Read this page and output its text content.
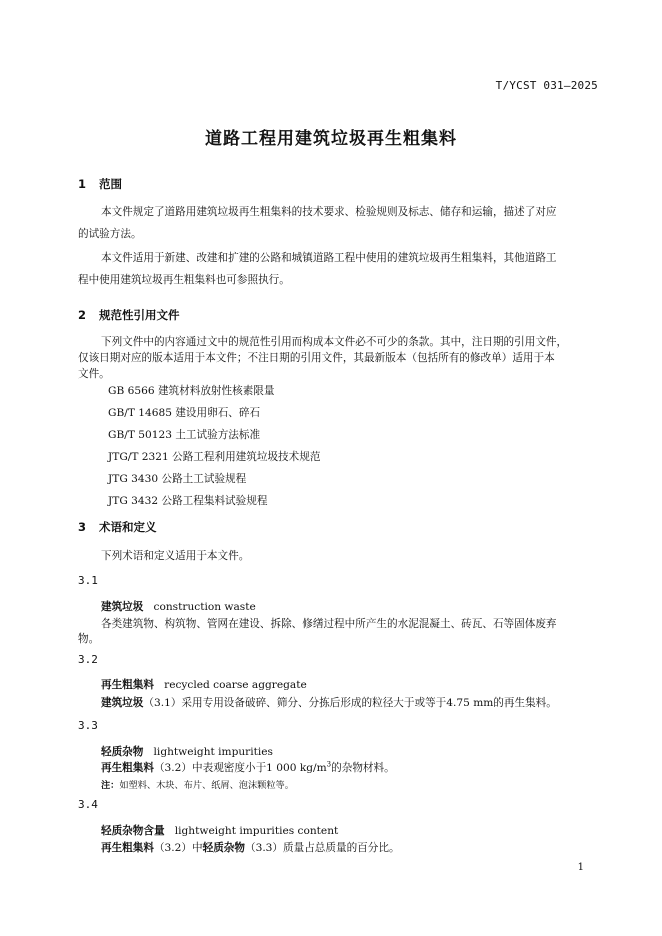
T/YCST 031—2025
道路工程用建筑垃圾再生粗集料
1 范围
本文件规定了道路用建筑垃圾再生粗集料的技术要求、检验规则及标志、储存和运输，描述了对应
的试验方法。
本文件适用于新建、改建和扩建的公路和城镇道路工程中使用的建筑垃圾再生粗集料，其他道路工
程中使用建筑垃圾再生粗集料也可参照执行。
2 规范性引用文件
下列文件中的内容通过文中的规范性引用而构成本文件必不可少的条款。其中，注日期的引用文件，
仅该日期对应的版本适用于本文件；不注日期的引用文件，其最新版本（包括所有的修改单）适用于本
文件。
GB 6566 建筑材料放射性核素限量
GB/T 14685 建设用卵石、碎石
GB/T 50123 土工试验方法标准
JTG/T 2321 公路工程利用建筑垃圾技术规范
JTG 3430 公路土工试验规程
JTG 3432 公路工程集料试验规程
3 术语和定义
下列术语和定义适用于本文件。
3.1
建筑垃圾 construction waste
各类建筑物、构筑物、管网在建设、拆除、修缮过程中所产生的水泥混凝土、砖瓦、石等固体废弃
物。
3.2
再生粗集料 recycled coarse aggregate
建筑垃圾（3.1）采用专用设备破碎、筛分、分拣后形成的粒径大于或等于4.75 mm的再生集料。
3.3
轻质杂物 lightweight impurities
再生粗集料（3.2）中表观密度小于1 000 $kg/m^3$的杂物材料。
注：如塑料、木块、布片、纸屑、泡沫颗粒等。
3.4
轻质杂物含量 lightweight impurities content
再生粗集料（3.2）中轻质杂物（3.3）质量占总质量的百分比。
1
